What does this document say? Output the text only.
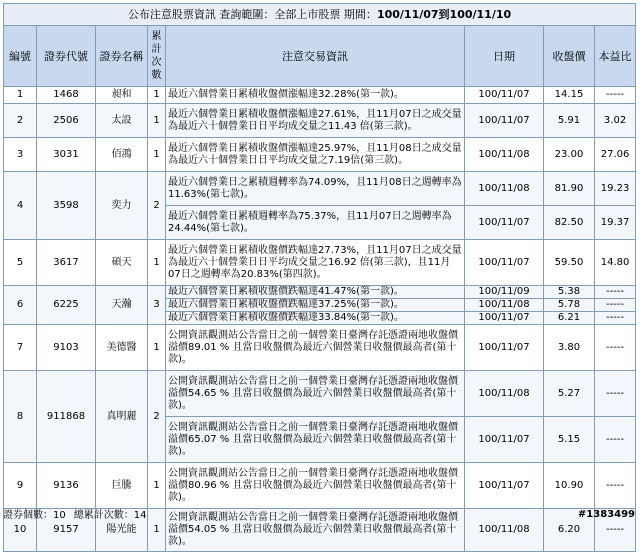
公布注意股票資訊 查詢範圍：全部上市股票 期間：100/11/07到100/11/10							
編號	證券代號	證券名稱	累計次數	注意交易資訊	日期	收盤價	本益比
1	1468	昶和	1	最近六個營業日累積收盤價漲幅達32.28%(第一款)。	100/11/07	14.15	-----
2	2506	太設	1	最近六個營業日累積收盤價漲幅達27.61%，且11月07日之成交量為最近六十個營業日日平均成交量之11.43 倍(第三款)。	100/11/07	5.91	3.02
3	3031	佰鴻	1	最近六個營業日累積收盤價漲幅達25.97%，且11月08日之成交量為最近六十個營業日日平均成交量之7.19倍(第三款)。	100/11/08	23.00	27.06
4	3598	奕力	2	最近六個營業日之累積週轉率為74.09%，且11月08日之週轉率為11.63%(第七款)。	100/11/08	81.90	19.23
				最近六個營業日累積週轉率為75.37%，且11月07日之週轉率為24.44%(第七款)。	100/11/07	82.50	19.37
5	3617	碩天	1	最近六個營業日累積收盤價跌幅達27.73%，且11月07日之成交量為最近六十個營業日日平均成交量之16.92 倍(第三款)，且11月07日之週轉率為20.83%(第四款)。	100/11/07	59.50	14.80
6	6225	天瀚	3	最近六個營業日累積收盤價跌幅達41.47%(第一款)。	100/11/09	5.38	-----
				最近六個營業日累積收盤價跌幅達37.25%(第一款)。	100/11/08	5.78	-----
				最近六個營業日累積收盤價跌幅達33.84%(第一款)。	100/11/07	6.21	-----
7	9103	美德醫	1	公開資訊觀測站公告當日之前一個營業日臺灣存託憑證兩地收盤價溢價89.01 % 且當日收盤價為最近六個營業日收盤價最高者(第十款)。	100/11/07	3.80	-----
8	911868	真明麗	2	公開資訊觀測站公告當日之前一個營業日臺灣存託憑證兩地收盤價溢價54.65 % 且當日收盤價為最近六個營業日收盤價最高者(第十款)。	100/11/08	5.27	-----
				公開資訊觀測站公告當日之前一個營業日臺灣存託憑證兩地收盤價溢價65.07 % 且當日收盤價為最近六個營業日收盤價最高者(第十款)。	100/11/07	5.15	-----
9	9136	巨騰	1	公開資訊觀測站公告當日之前一個營業日臺灣存託憑證兩地收盤價溢價80.96 % 且當日收盤價為最近六個營業日收盤價最高者(第十款)。	100/11/07	10.90	-----
10	9157	陽光能	1	公開資訊觀測站公告當日之前一個營業日臺灣存託憑證兩地收盤價溢價54.05 % 且當日收盤價為最近六個營業日收盤價最高者(第十款)。	100/11/08	6.20	-----
證券個數：10 總累計次數：14	#1383499
